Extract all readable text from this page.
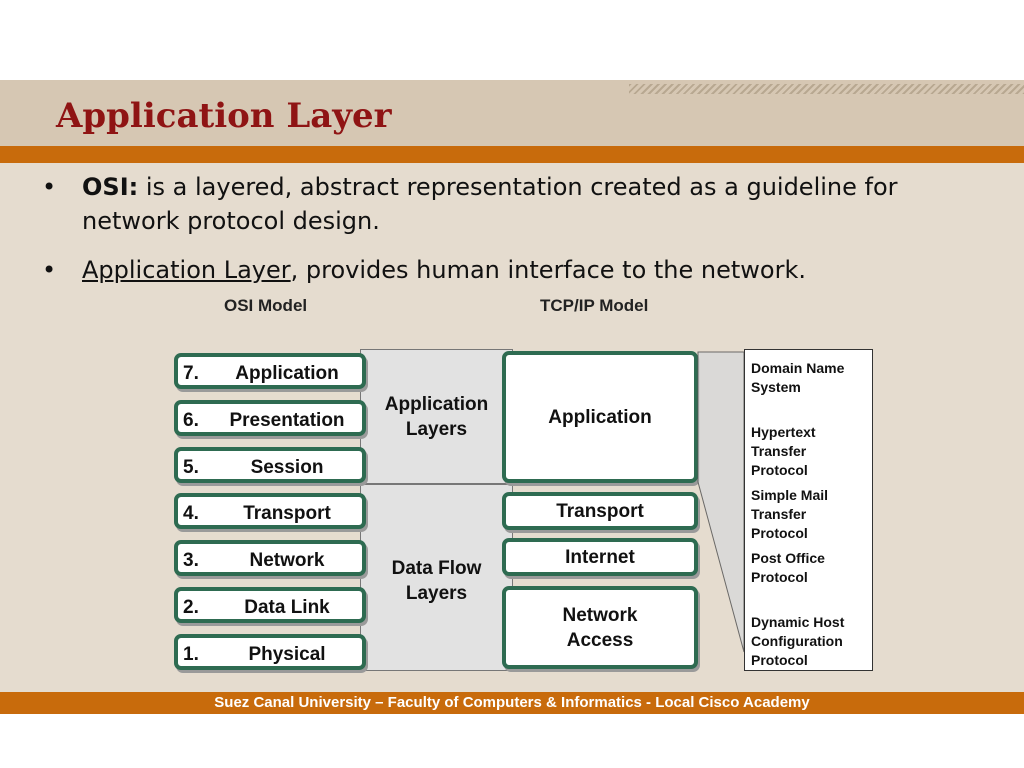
Application Layer
• OSI: is a layered, abstract representation created as a guideline for network protocol design.
• Application Layer, provides human interface to the network.
OSI Model	TCP/IP Model
Application Layers
Data Flow Layers
7.	Application
6.	Presentation
5.	Session
4.	Transport
3.	Network
2.	Data Link
1.	Physical
Application
Transport
Internet
Network Access
Domain Name
System
Hypertext
Transfer
Protocol
Simple Mail
Transfer
Protocol
Post Office
Protocol
Dynamic Host
Configuration
Protocol
Suez Canal University – Faculty of Computers & Informatics - Local Cisco Academy
